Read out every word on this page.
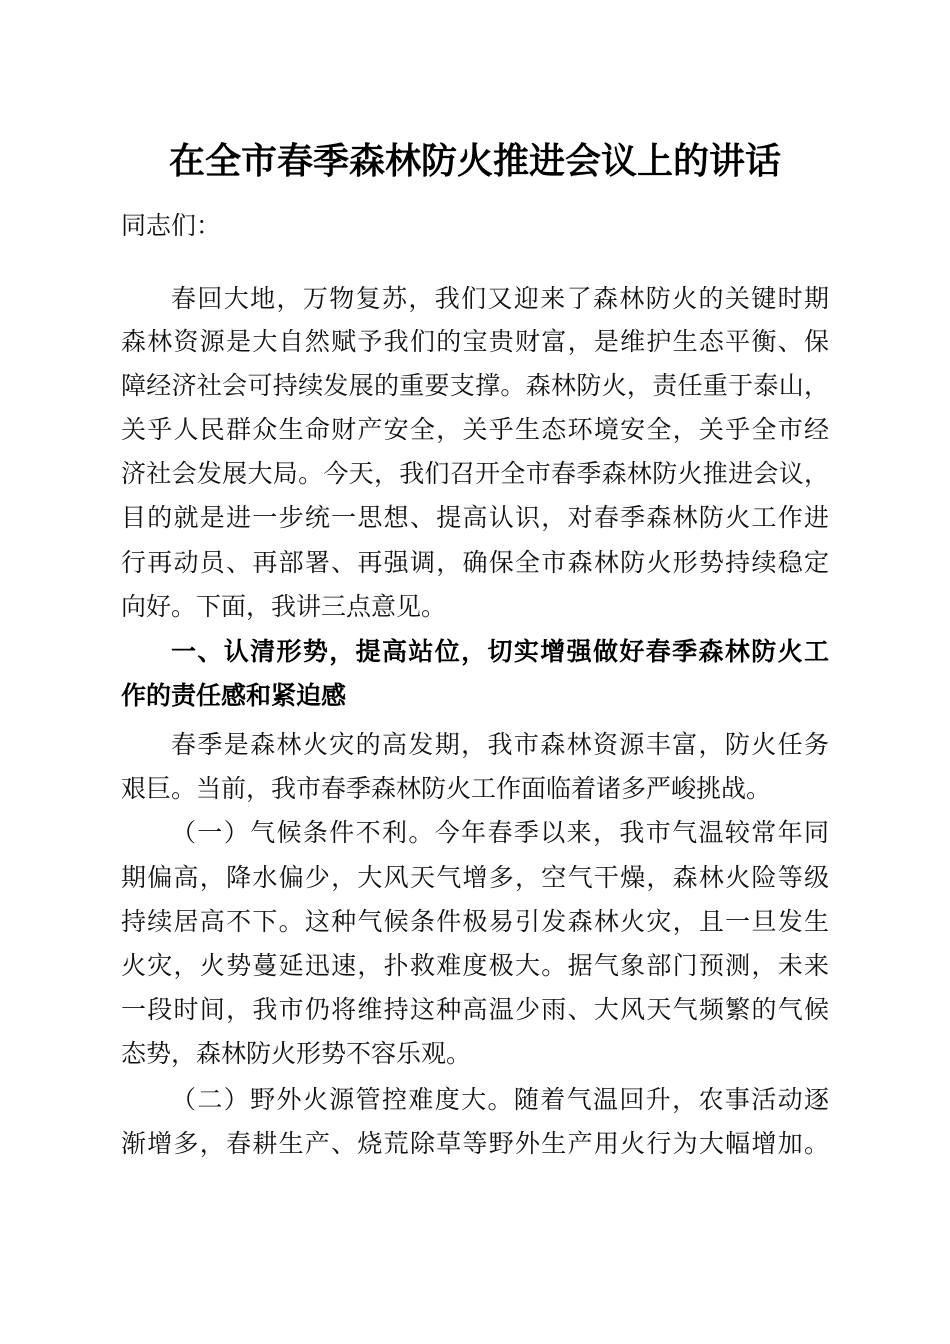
在全市春季森林防火推进会议上的讲话
同志们：
春回大地，万物复苏，我们又迎来了森林防火的关键时期
森林资源是大自然赋予我们的宝贵财富，是维护生态平衡、保
障经济社会可持续发展的重要支撑。森林防火，责任重于泰山，
关乎人民群众生命财产安全，关乎生态环境安全，关乎全市经
济社会发展大局。今天，我们召开全市春季森林防火推进会议，
目的就是进一步统一思想、提高认识，对春季森林防火工作进
行再动员、再部署、再强调，确保全市森林防火形势持续稳定
向好。下面，我讲三点意见。
一、认清形势，提高站位，切实增强做好春季森林防火工
作的责任感和紧迫感
春季是森林火灾的高发期，我市森林资源丰富，防火任务
艰巨。当前，我市春季森林防火工作面临着诸多严峻挑战。
（一）气候条件不利。今年春季以来，我市气温较常年同
期偏高，降水偏少，大风天气增多，空气干燥，森林火险等级
持续居高不下。这种气候条件极易引发森林火灾，且一旦发生
火灾，火势蔓延迅速，扑救难度极大。据气象部门预测，未来
一段时间，我市仍将维持这种高温少雨、大风天气频繁的气候
态势，森林防火形势不容乐观。
（二）野外火源管控难度大。随着气温回升，农事活动逐
渐增多，春耕生产、烧荒除草等野外生产用火行为大幅增加。
